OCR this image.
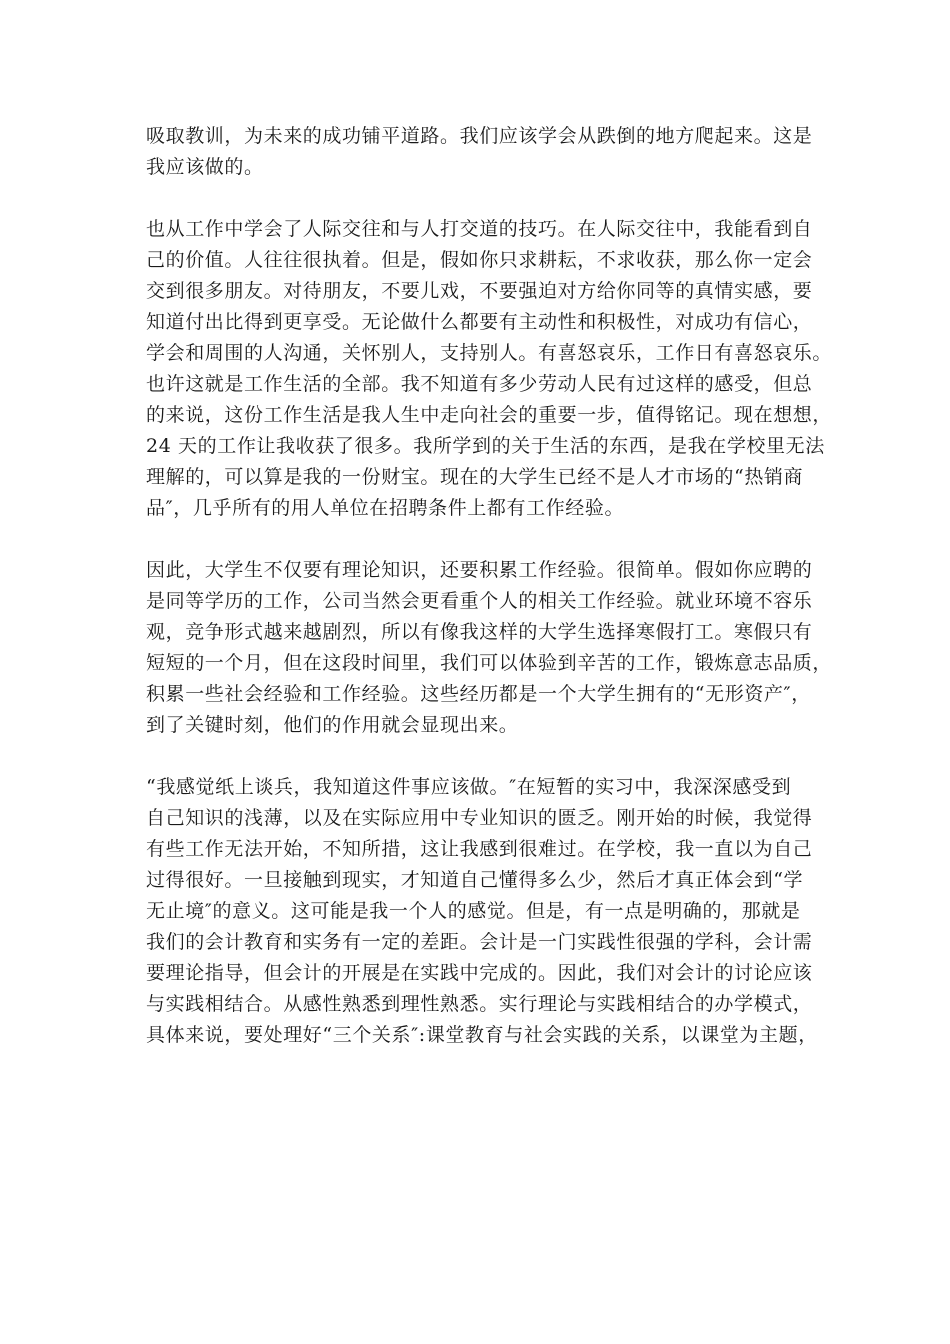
吸取教训，为未来的成功铺平道路。我们应该学会从跌倒的地方爬起来。这是
我应该做的。
也从工作中学会了人际交往和与人打交道的技巧。在人际交往中，我能看到自
己的价值。人往往很执着。但是，假如你只求耕耘，不求收获，那么你一定会
交到很多朋友。对待朋友，不要儿戏，不要强迫对方给你同等的真情实感，要
知道付出比得到更享受。无论做什么都要有主动性和积极性，对成功有信心，
学会和周围的人沟通，关怀别人，支持别人。有喜怒哀乐，工作日有喜怒哀乐。
也许这就是工作生活的全部。我不知道有多少劳动人民有过这样的感受，但总
的来说，这份工作生活是我人生中走向社会的重要一步，值得铭记。现在想想，
24 天的工作让我收获了很多。我所学到的关于生活的东西，是我在学校里无法
理解的，可以算是我的一份财宝。现在的大学生已经不是人才市场的“热销商
品″，几乎所有的用人单位在招聘条件上都有工作经验。
因此，大学生不仅要有理论知识，还要积累工作经验。很简单。假如你应聘的
是同等学历的工作，公司当然会更看重个人的相关工作经验。就业环境不容乐
观，竞争形式越来越剧烈，所以有像我这样的大学生选择寒假打工。寒假只有
短短的一个月，但在这段时间里，我们可以体验到辛苦的工作，锻炼意志品质，
积累一些社会经验和工作经验。这些经历都是一个大学生拥有的“无形资产″，
到了关键时刻，他们的作用就会显现出来。
“我感觉纸上谈兵，我知道这件事应该做。″在短暂的实习中，我深深感受到
自己知识的浅薄，以及在实际应用中专业知识的匮乏。刚开始的时候，我觉得
有些工作无法开始，不知所措，这让我感到很难过。在学校，我一直以为自己
过得很好。一旦接触到现实，才知道自己懂得多么少，然后才真正体会到“学
无止境″的意义。这可能是我一个人的感觉。但是，有一点是明确的，那就是
我们的会计教育和实务有一定的差距。会计是一门实践性很强的学科，会计需
要理论指导，但会计的开展是在实践中完成的。因此，我们对会计的讨论应该
与实践相结合。从感性熟悉到理性熟悉。实行理论与实践相结合的办学模式，
具体来说，要处理好“三个关系″:课堂教育与社会实践的关系，以课堂为主题，
